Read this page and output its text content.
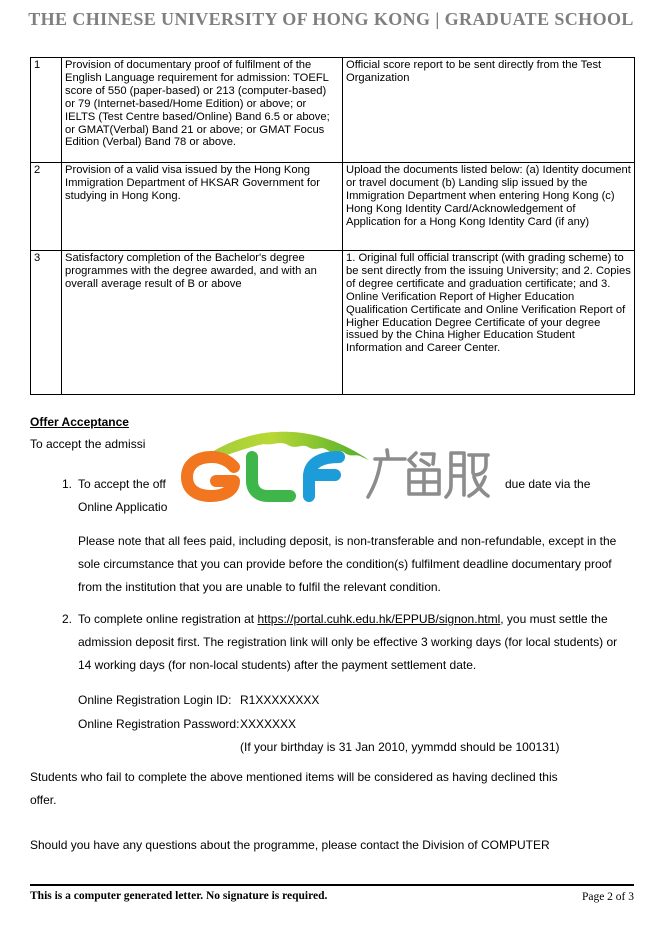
THE CHINESE UNIVERSITY OF HONG KONG | GRADUATE SCHOOL
1	Provision of documentary proof of fulfilment of the English Language requirement for admission: TOEFL score of 550 (paper-based) or 213 (computer-based) or 79 (Internet-based/Home Edition) or above; or IELTS (Test Centre based/Online) Band 6.5 or above; or GMAT(Verbal) Band 21 or above; or GMAT Focus Edition (Verbal) Band 78 or above.	Official score report to be sent directly from the Test Organization
2	Provision of a valid visa issued by the Hong Kong Immigration Department of HKSAR Government for studying in Hong Kong.	Upload the documents listed below: (a) Identity document or travel document (b) Landing slip issued by the Immigration Department when entering Hong Kong (c) Hong Kong Identity Card/Acknowledgement of Application for a Hong Kong Identity Card (if any)
3	Satisfactory completion of the Bachelor's degree programmes with the degree awarded, and with an overall average result of B or above	1. Original full official transcript (with grading scheme) to be sent directly from the issuing University; and 2. Copies of degree certificate and graduation certificate; and 3. Online Verification Report of Higher Education Qualification Certificate and Online Verification Report of Higher Education Degree Certificate of your degree issued by the China Higher Education Student Information and Career Center.
Offer Acceptance
To accept the admissi
1. To accept the off	due date via the
Online Applicatio
Please note that all fees paid, including deposit, is non-transferable and non-refundable, except in the sole circumstance that you can provide before the condition(s) fulfilment deadline documentary proof from the institution that you are unable to fulfil the relevant condition.
2. To complete online registration at https://portal.cuhk.edu.hk/EPPUB/signon.html, you must settle the admission deposit first. The registration link will only be effective 3 working days (for local students) or 14 working days (for non-local students) after the payment settlement date.
Online Registration Login ID: R1XXXXXXXX
Online Registration Password: XXXXXXX
(If your birthday is 31 Jan 2010, yymmdd should be 100131)
Students who fail to complete the above mentioned items will be considered as having declined this offer.
Should you have any questions about the programme, please contact the Division of COMPUTER
This is a computer generated letter. No signature is required.	Page 2 of 3
